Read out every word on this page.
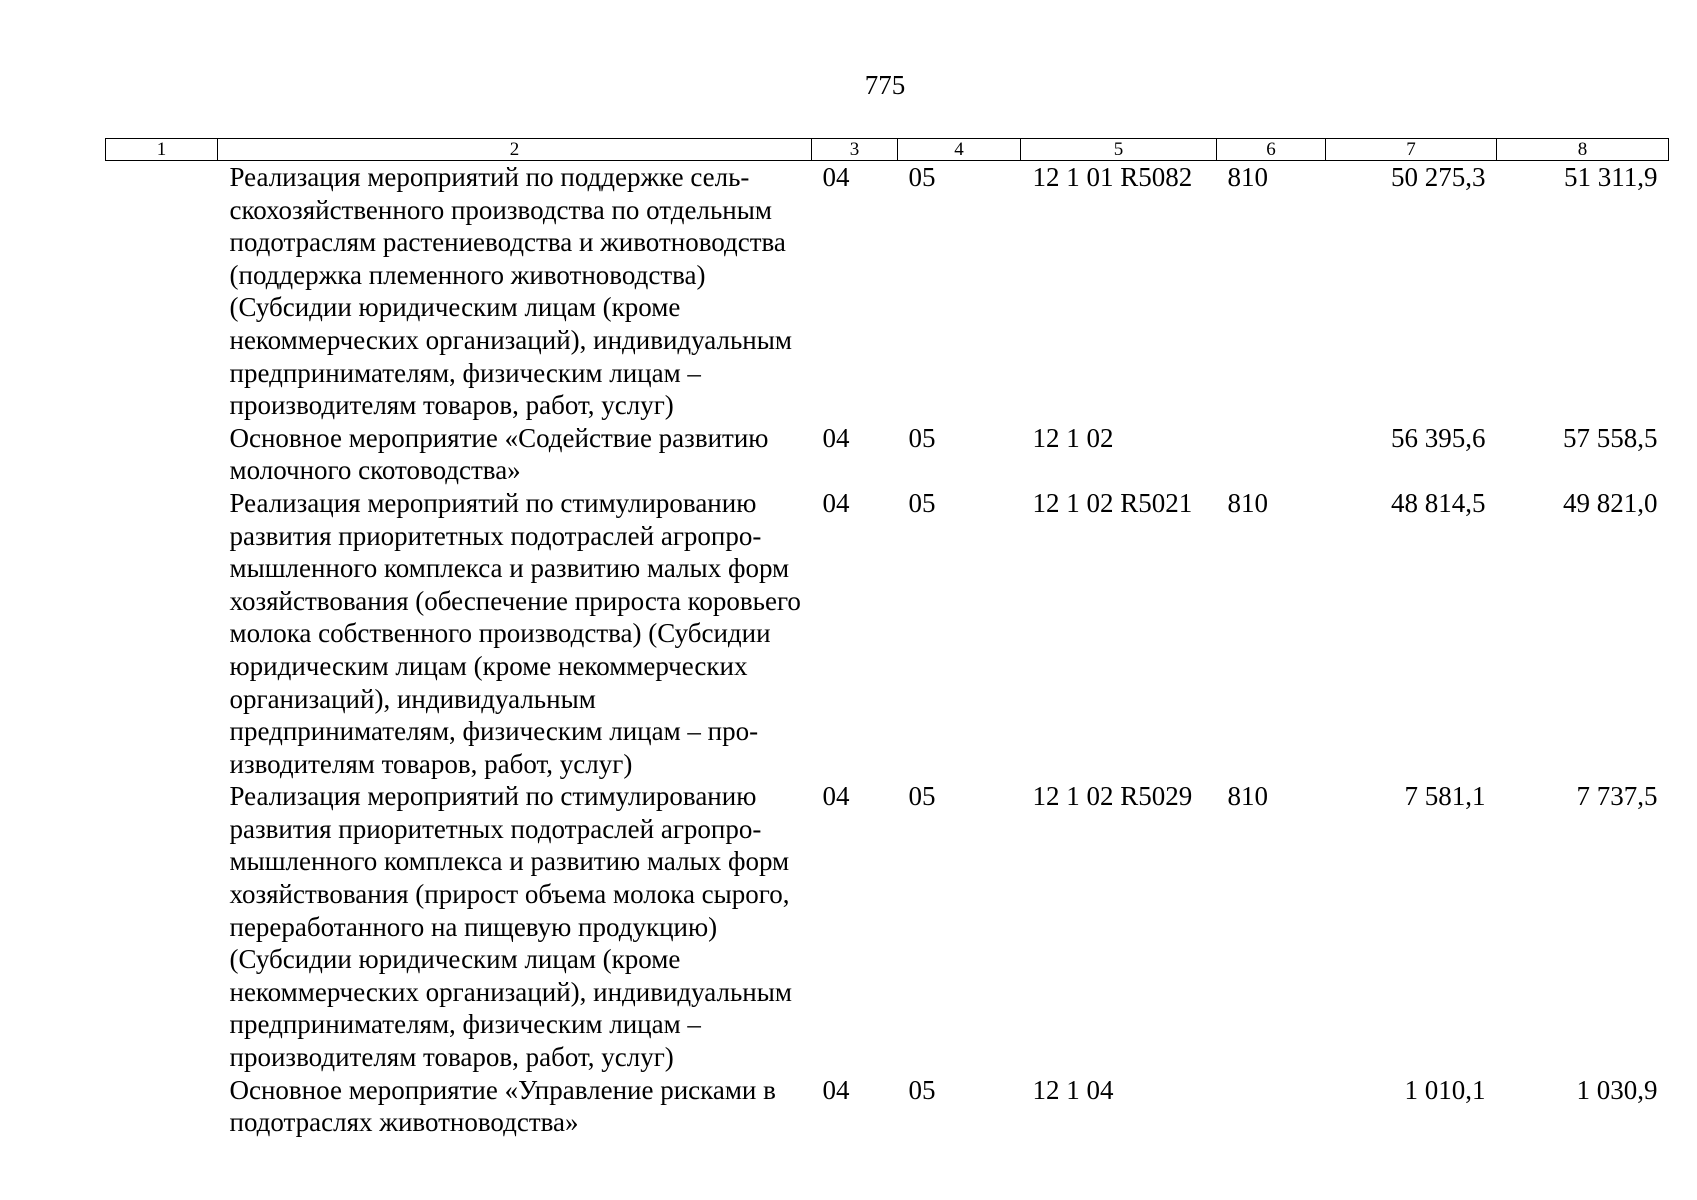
775
1	2	3	4	5	6	7	8
	Реализация мероприятий по поддержке сельскохозяйственного производства по отдельным подотраслям растениеводства и животноводства (поддержка племенного животноводства) (Субсидии юридическим лицам (кроме некоммерческих организаций), индивидуальным предпринимателям, физическим лицам – производителям товаров, работ, услуг)	04	05	12 1 01 R5082	810	50 275,3	51 311,9
	Основное мероприятие «Содействие развитию молочного скотоводства»	04	05	12 1 02		56 395,6	57 558,5
	Реализация мероприятий по стимулированию развития приоритетных подотраслей агропромышленного комплекса и развитию малых форм хозяйствования (обеспечение прироста коровьего молока собственного производства) (Субсидии юридическим лицам (кроме некоммерческих организаций), индивидуальным предпринимателям, физическим лицам – производителям товаров, работ, услуг)	04	05	12 1 02 R5021	810	48 814,5	49 821,0
	Реализация мероприятий по стимулированию развития приоритетных подотраслей агропромышленного комплекса и развитию малых форм хозяйствования (прирост объема молока сырого, переработанного на пищевую продукцию) (Субсидии юридическим лицам (кроме некоммерческих организаций), индивидуальным предпринимателям, физическим лицам – производителям товаров, работ, услуг)	04	05	12 1 02 R5029	810	7 581,1	7 737,5
	Основное мероприятие «Управление рисками в подотраслях животноводства»	04	05	12 1 04		1 010,1	1 030,9
